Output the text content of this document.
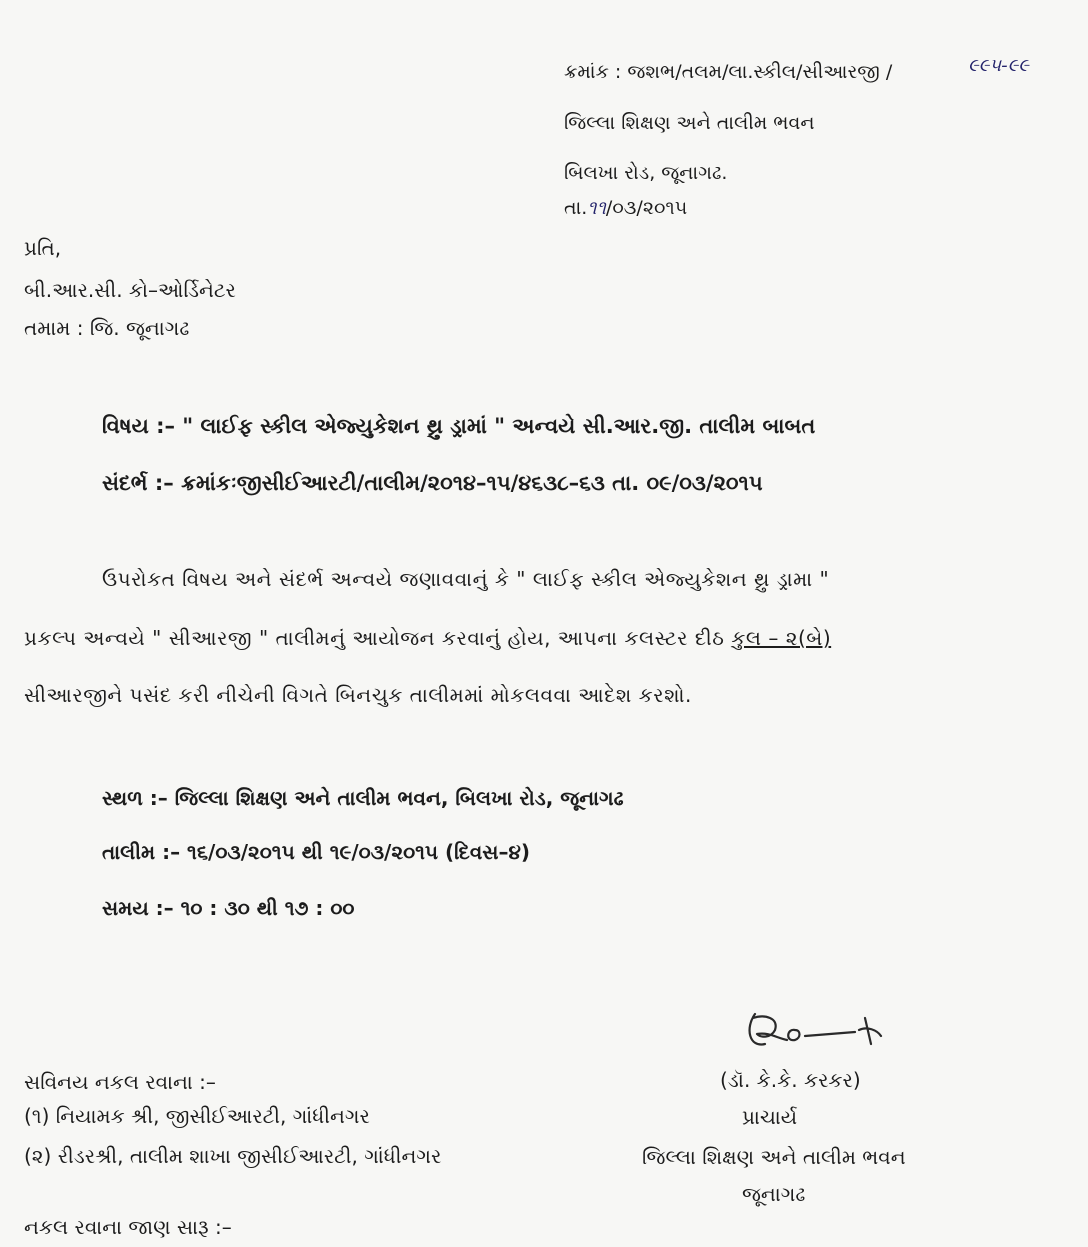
ક્રમાંક : જશભ/તલમ/લા.સ્કીલ/સીઆરજી /	૯૯૫-૯૯
જિલ્લા શિક્ષણ અને તાલીમ ભવન
બિલખા રોડ, જૂનાગઢ.
તા.૧૧/૦૩/૨૦૧૫
પ્રતિ,
બી.આર.સી. કો–ઓર્ડિનેટર
તમામ : જિ. જૂનાગઢ
વિષય :– " લાઈફ સ્કીલ એજ્યુકેશન થ્રુ ડ્રામાં " અન્વયે સી.આર.જી. તાલીમ બાબત
સંદર્ભ :– ક્રમાંકઃજીસીઈઆરટી/તાલીમ/૨૦૧૪–૧૫/૪૬૩૮–૬૩ તા. ૦૯/૦૩/૨૦૧૫
ઉપરોકત વિષય અને સંદર્ભ અન્વયે જણાવવાનું કે " લાઈફ સ્કીલ એજ્યુકેશન થ્રુ ડ્રામા "
પ્રકલ્પ અન્વયે " સીઆરજી " તાલીમનું આયોજન કરવાનું હોય, આપના કલસ્ટર દીઠ કુલ – ૨(બે)
સીઆરજીને પસંદ કરી નીચેની વિગતે બિનચુક તાલીમમાં મોકલવવા આદેશ કરશો.
સ્થળ :– જિલ્લા શિક્ષણ અને તાલીમ ભવન, બિલખા રોડ, જૂનાગઢ
તાલીમ :– ૧૬/૦૩/૨૦૧૫ થી ૧૯/૦૩/૨૦૧૫ (દિવસ–૪)
સમય :– ૧૦ : ૩૦ થી ૧૭ : ૦૦
(ડૉ. કે.કે. કરકર)
પ્રાચાર્ય
જિલ્લા શિક્ષણ અને તાલીમ ભવન
જૂનાગઢ
સવિનય નકલ રવાના :–
(૧) નિયામક શ્રી, જીસીઈઆરટી, ગાંધીનગર
(૨) રીડરશ્રી, તાલીમ શાખા જીસીઈઆરટી, ગાંધીનગર
નકલ રવાના જાણ સારૂ :–
